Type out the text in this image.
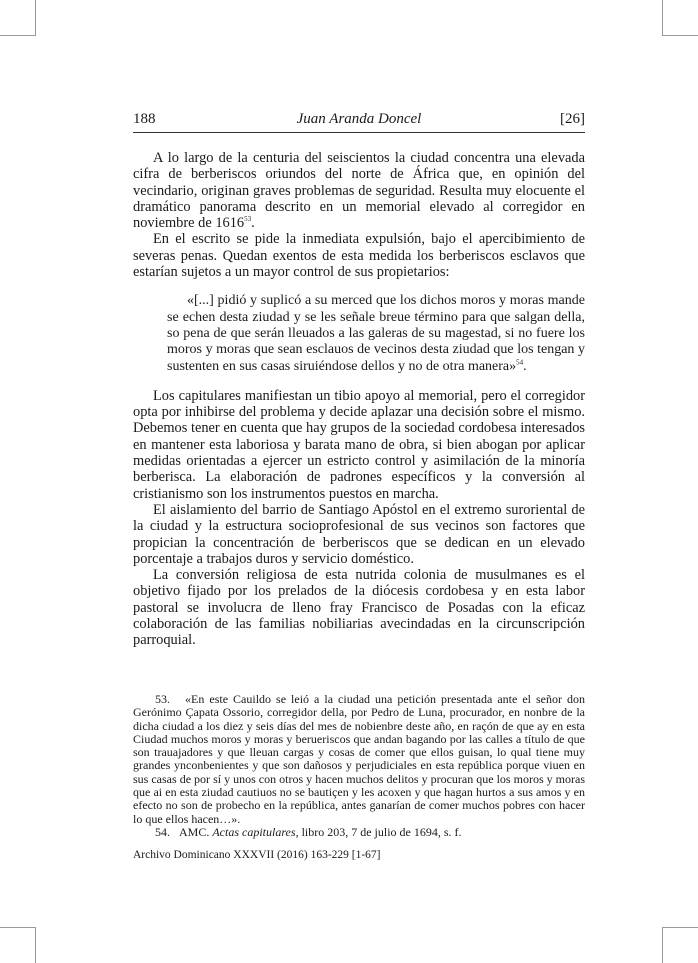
188	Juan Aranda Doncel	[26]

A lo largo de la centuria del seiscientos la ciudad concentra una elevada cifra de berberiscos oriundos del norte de África que, en opinión del vecindario, originan graves problemas de seguridad. Resulta muy elocuente el dramático panorama descrito en un memorial elevado al corregidor en noviembre de 1616$^{53}$.

En el escrito se pide la inmediata expulsión, bajo el apercibimiento de severas penas. Quedan exentos de esta medida los berberiscos esclavos que estarían sujetos a un mayor control de sus propietarios:

«[...] pidió y suplicó a su merced que los dichos moros y moras mande se echen desta ziudad y se les señale breue término para que salgan della, so pena de que serán lleuados a las galeras de su magestad, si no fuere los moros y moras que sean esclauos de vecinos desta ziudad que los tengan y sustenten en sus casas siruiéndose dellos y no de otra manera»$^{54}$.

Los capitulares manifiestan un tibio apoyo al memorial, pero el corregidor opta por inhibirse del problema y decide aplazar una decisión sobre el mismo. Debemos tener en cuenta que hay grupos de la sociedad cordobesa interesados en mantener esta laboriosa y barata mano de obra, si bien abogan por aplicar medidas orientadas a ejercer un estricto control y asimilación de la minoría berberisca. La elaboración de padrones específicos y la conversión al cristianismo son los instrumentos puestos en marcha.

El aislamiento del barrio de Santiago Apóstol en el extremo suroriental de la ciudad y la estructura socioprofesional de sus vecinos son factores que propician la concentración de berberiscos que se dedican en un elevado porcentaje a trabajos duros y servicio doméstico.

La conversión religiosa de esta nutrida colonia de musulmanes es el objetivo fijado por los prelados de la diócesis cordobesa y en esta labor pastoral se involucra de lleno fray Francisco de Posadas con la eficaz colaboración de las familias nobiliarias avecindadas en la circunscripción parroquial.

53. «En este Cauildo se leió a la ciudad una petición presentada ante el señor don Gerónimo Çapata Ossorio, corregidor della, por Pedro de Luna, procurador, en nonbre de la dicha ciudad a los diez y seis días del mes de nobienbre deste año, en raçón de que ay en esta Ciudad muchos moros y moras y berueriscos que andan bagando por las calles a título de que son trauajadores y que lleuan cargas y cosas de comer que ellos guisan, lo qual tiene muy grandes ynconbenientes y que son dañosos y perjudiciales en esta república porque viuen en sus casas de por sí y unos con otros y hacen muchos delitos y procuran que los moros y moras que ai en esta ziudad cautiuos no se bautiçen y les acoxen y que hagan hurtos a sus amos y en efecto no son de probecho en la república, antes ganarían de comer muchos pobres con hacer lo que ellos hacen…».

54. AMC. Actas capitulares, libro 203, 7 de julio de 1694, s. f.

Archivo Dominicano XXXVII (2016) 163-229 [1-67]
